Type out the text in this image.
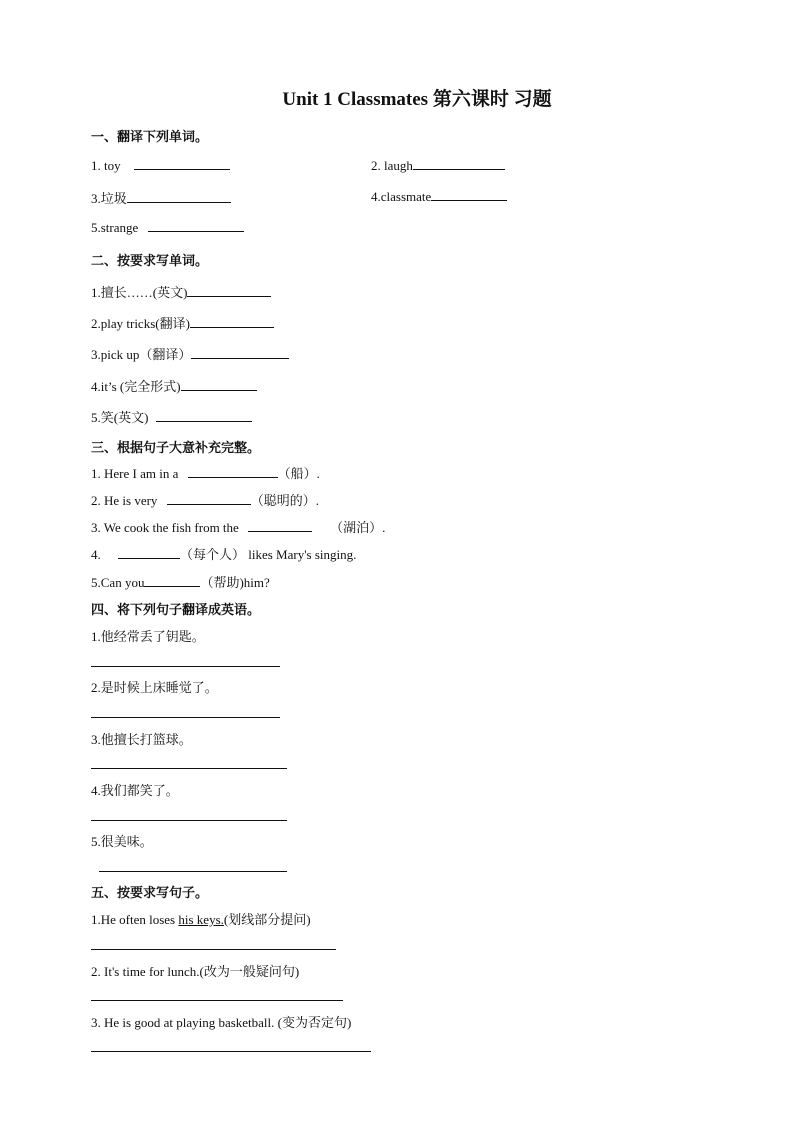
Unit 1 Classmates 第六课时 习题
一、翻译下列单词。
1. toy	2. laugh
3.垃圾	4.classmate
5.strange
二、按要求写单词。
1.擅长……(英文)
2.play tricks(翻译)
3.pick up（翻译）
4.it’s (完全形式)
5.笑(英文)
三、根据句子大意补充完整。
1. Here I am in a	（船）.
2. He is very	（聪明的）.
3. We cook the fish from the	（湖泊）.
4.	（每个人） likes Mary's singing.
5.Can you	（帮助)him?
四、将下列句子翻译成英语。
1.他经常丢了钥匙。
2.是时候上床睡觉了。
3.他擅长打篮球。
4.我们都笑了。
5.很美味。
五、按要求写句子。
1.He often loses his keys.(划线部分提问)
2. It's time for lunch.(改为一般疑问句)
3. He is good at playing basketball. (变为否定句)
